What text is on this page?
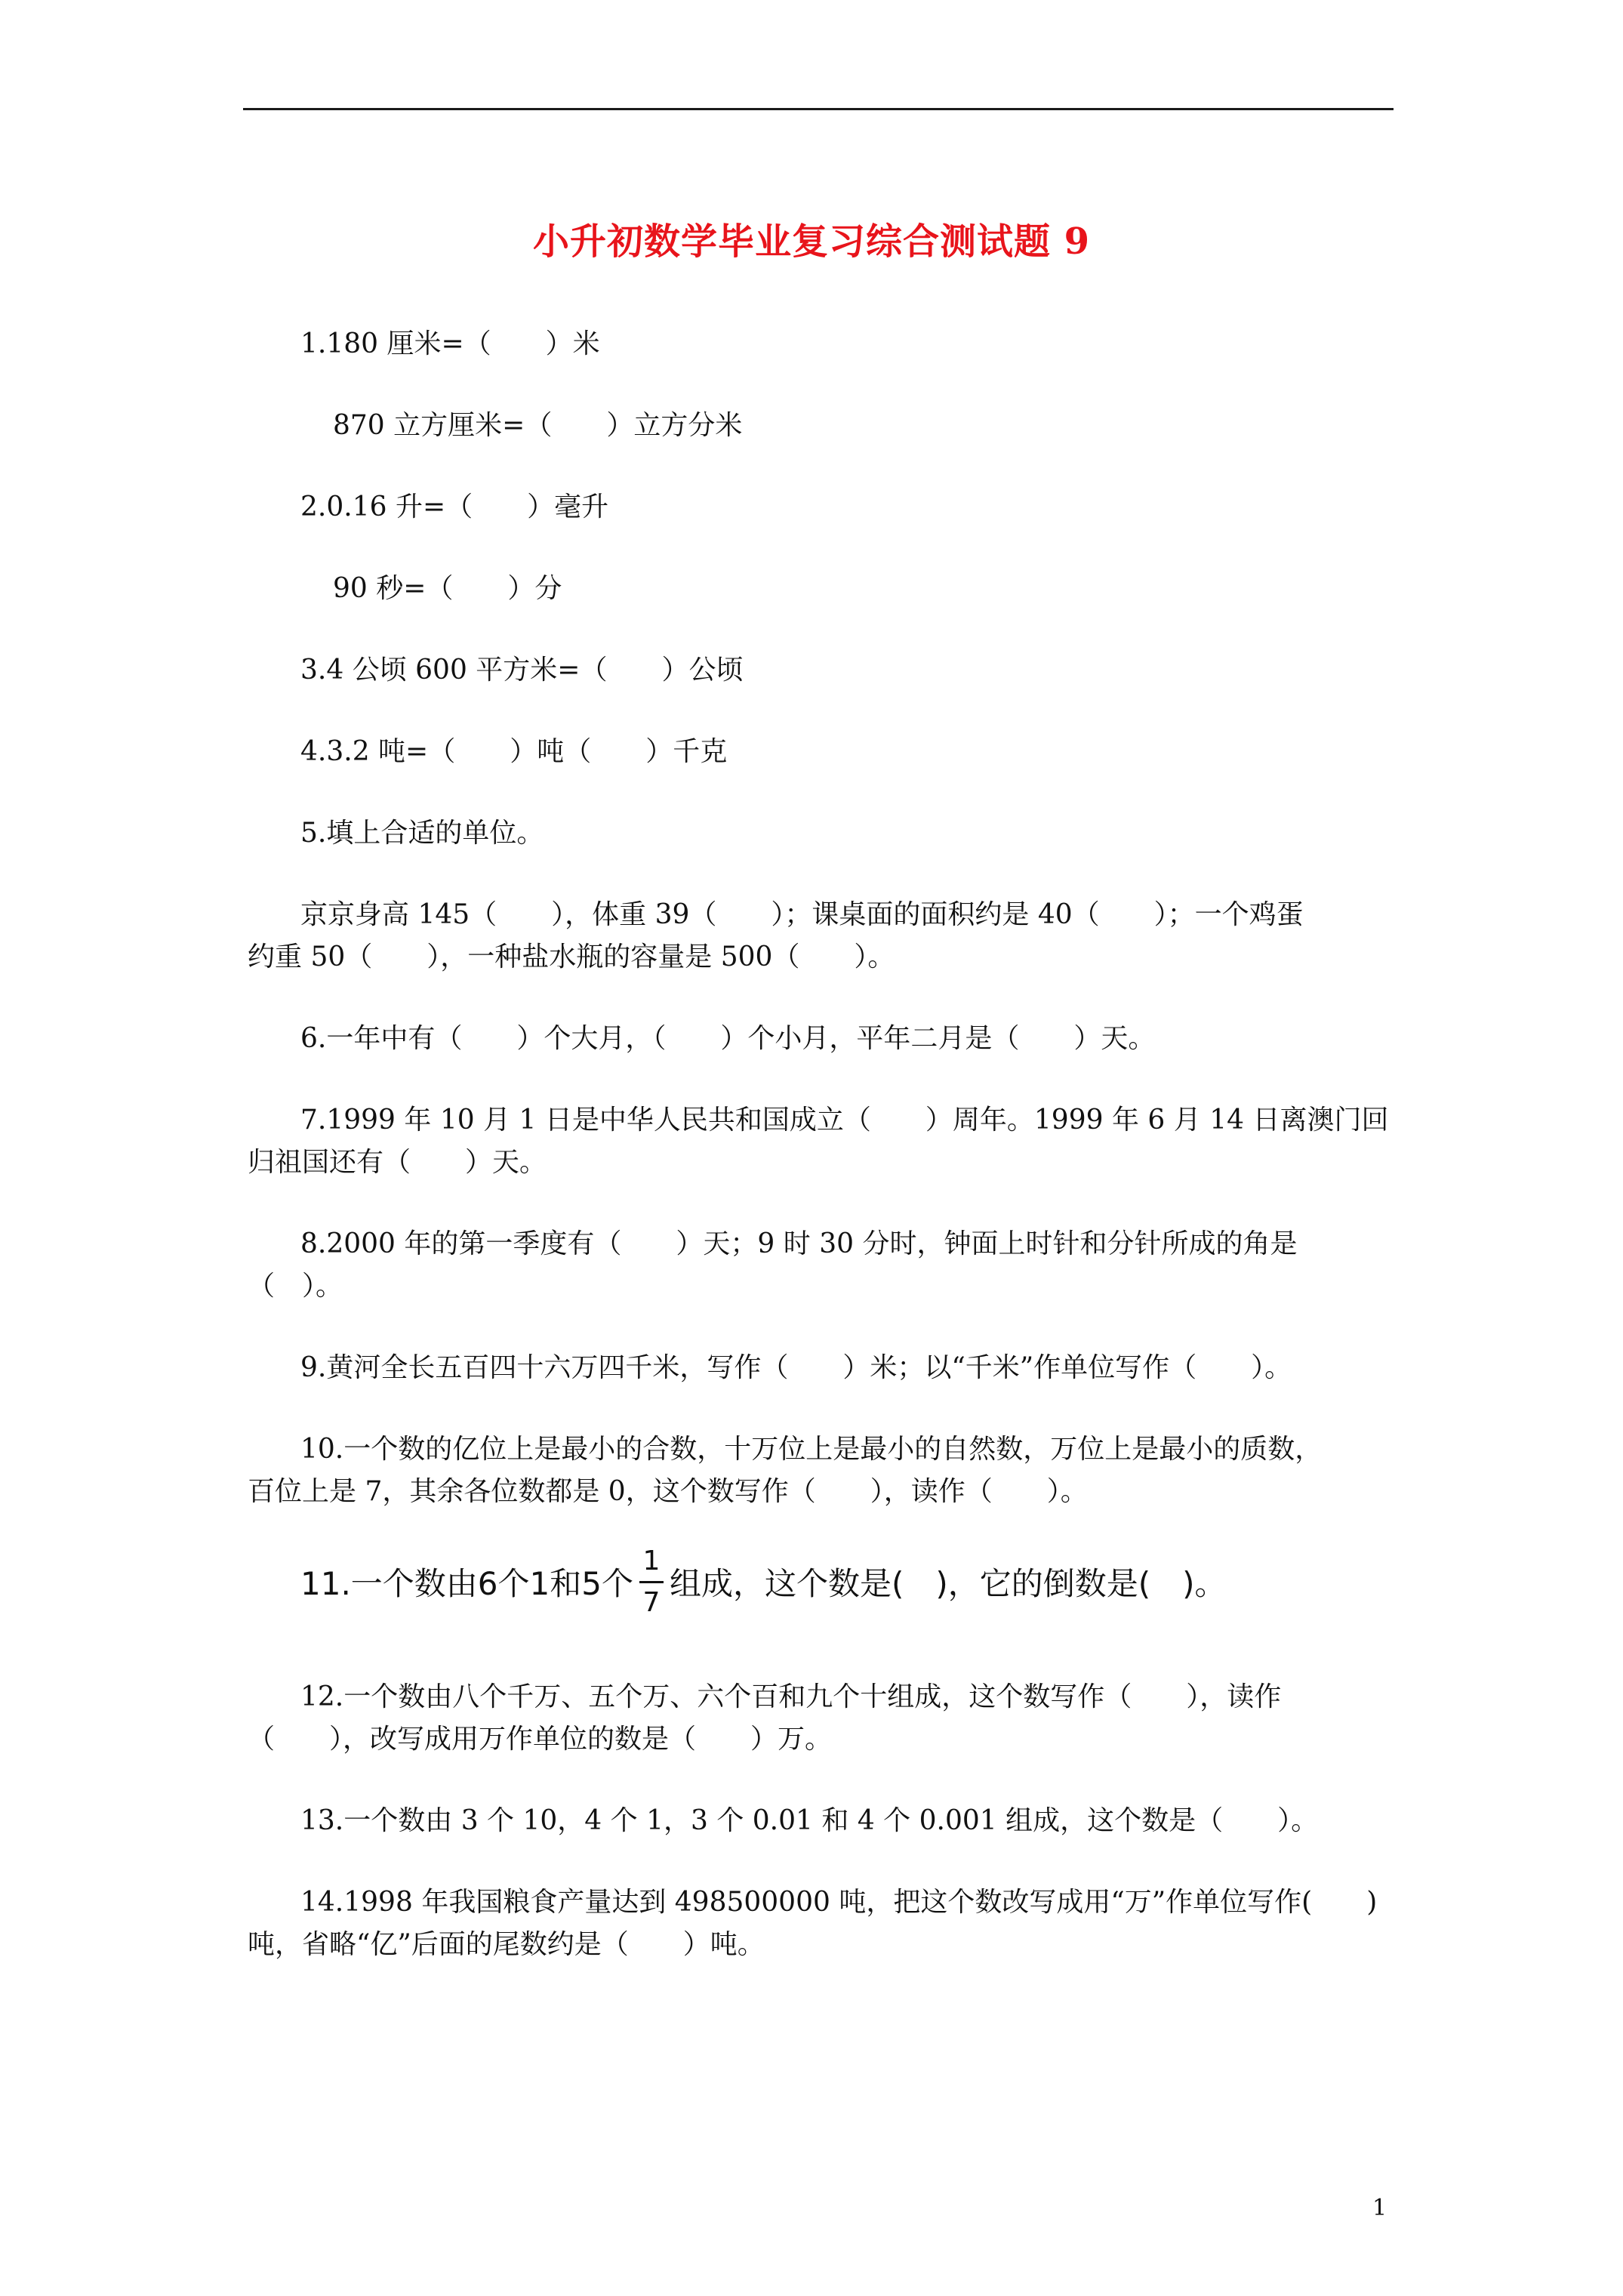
小升初数学毕业复习综合测试题 9
1.180 厘米=（　　）米
870 立方厘米=（　　）立方分米
2.0.16 升=（　　）毫升
90 秒=（　　）分
3.4 公顷 600 平方米=（　　）公顷
4.3.2 吨=（　　）吨（　　）千克
5.填上合适的单位。
京京身高 145（　　），体重 39（　　）；课桌面的面积约是 40（　　）；一个鸡蛋
约重 50（　　），一种盐水瓶的容量是 500（　　）。
6.一年中有（　　）个大月，（　　）个小月，平年二月是（　　）天。
7.1999 年 10 月 1 日是中华人民共和国成立（　　）周年。1999 年 6 月 14 日离澳门回
归祖国还有（　　）天。
8.2000 年的第一季度有（　　）天；9 时 30 分时，钟面上时针和分针所成的角是
（　）。
9.黄河全长五百四十六万四千米，写作（　　）米；以“千米”作单位写作（　　）。
10.一个数的亿位上是最小的合数，十万位上是最小的自然数，万位上是最小的质数，
百位上是 7，其余各位数都是 0，这个数写作（　　），读作（　　）。
11.一个数由6个1和5个 $\frac{1}{7}$ 组成，这个数是(　)，它的倒数是(　)。
12.一个数由八个千万、五个万、六个百和九个十组成，这个数写作（　　），读作
（　　），改写成用万作单位的数是（　　）万。
13.一个数由 3 个 10，4 个 1，3 个 0.01 和 4 个 0.001 组成，这个数是（　　）。
14.1998 年我国粮食产量达到 498500000 吨，把这个数改写成用“万”作单位写作(　　)
吨，省略“亿”后面的尾数约是（　　）吨。
1
